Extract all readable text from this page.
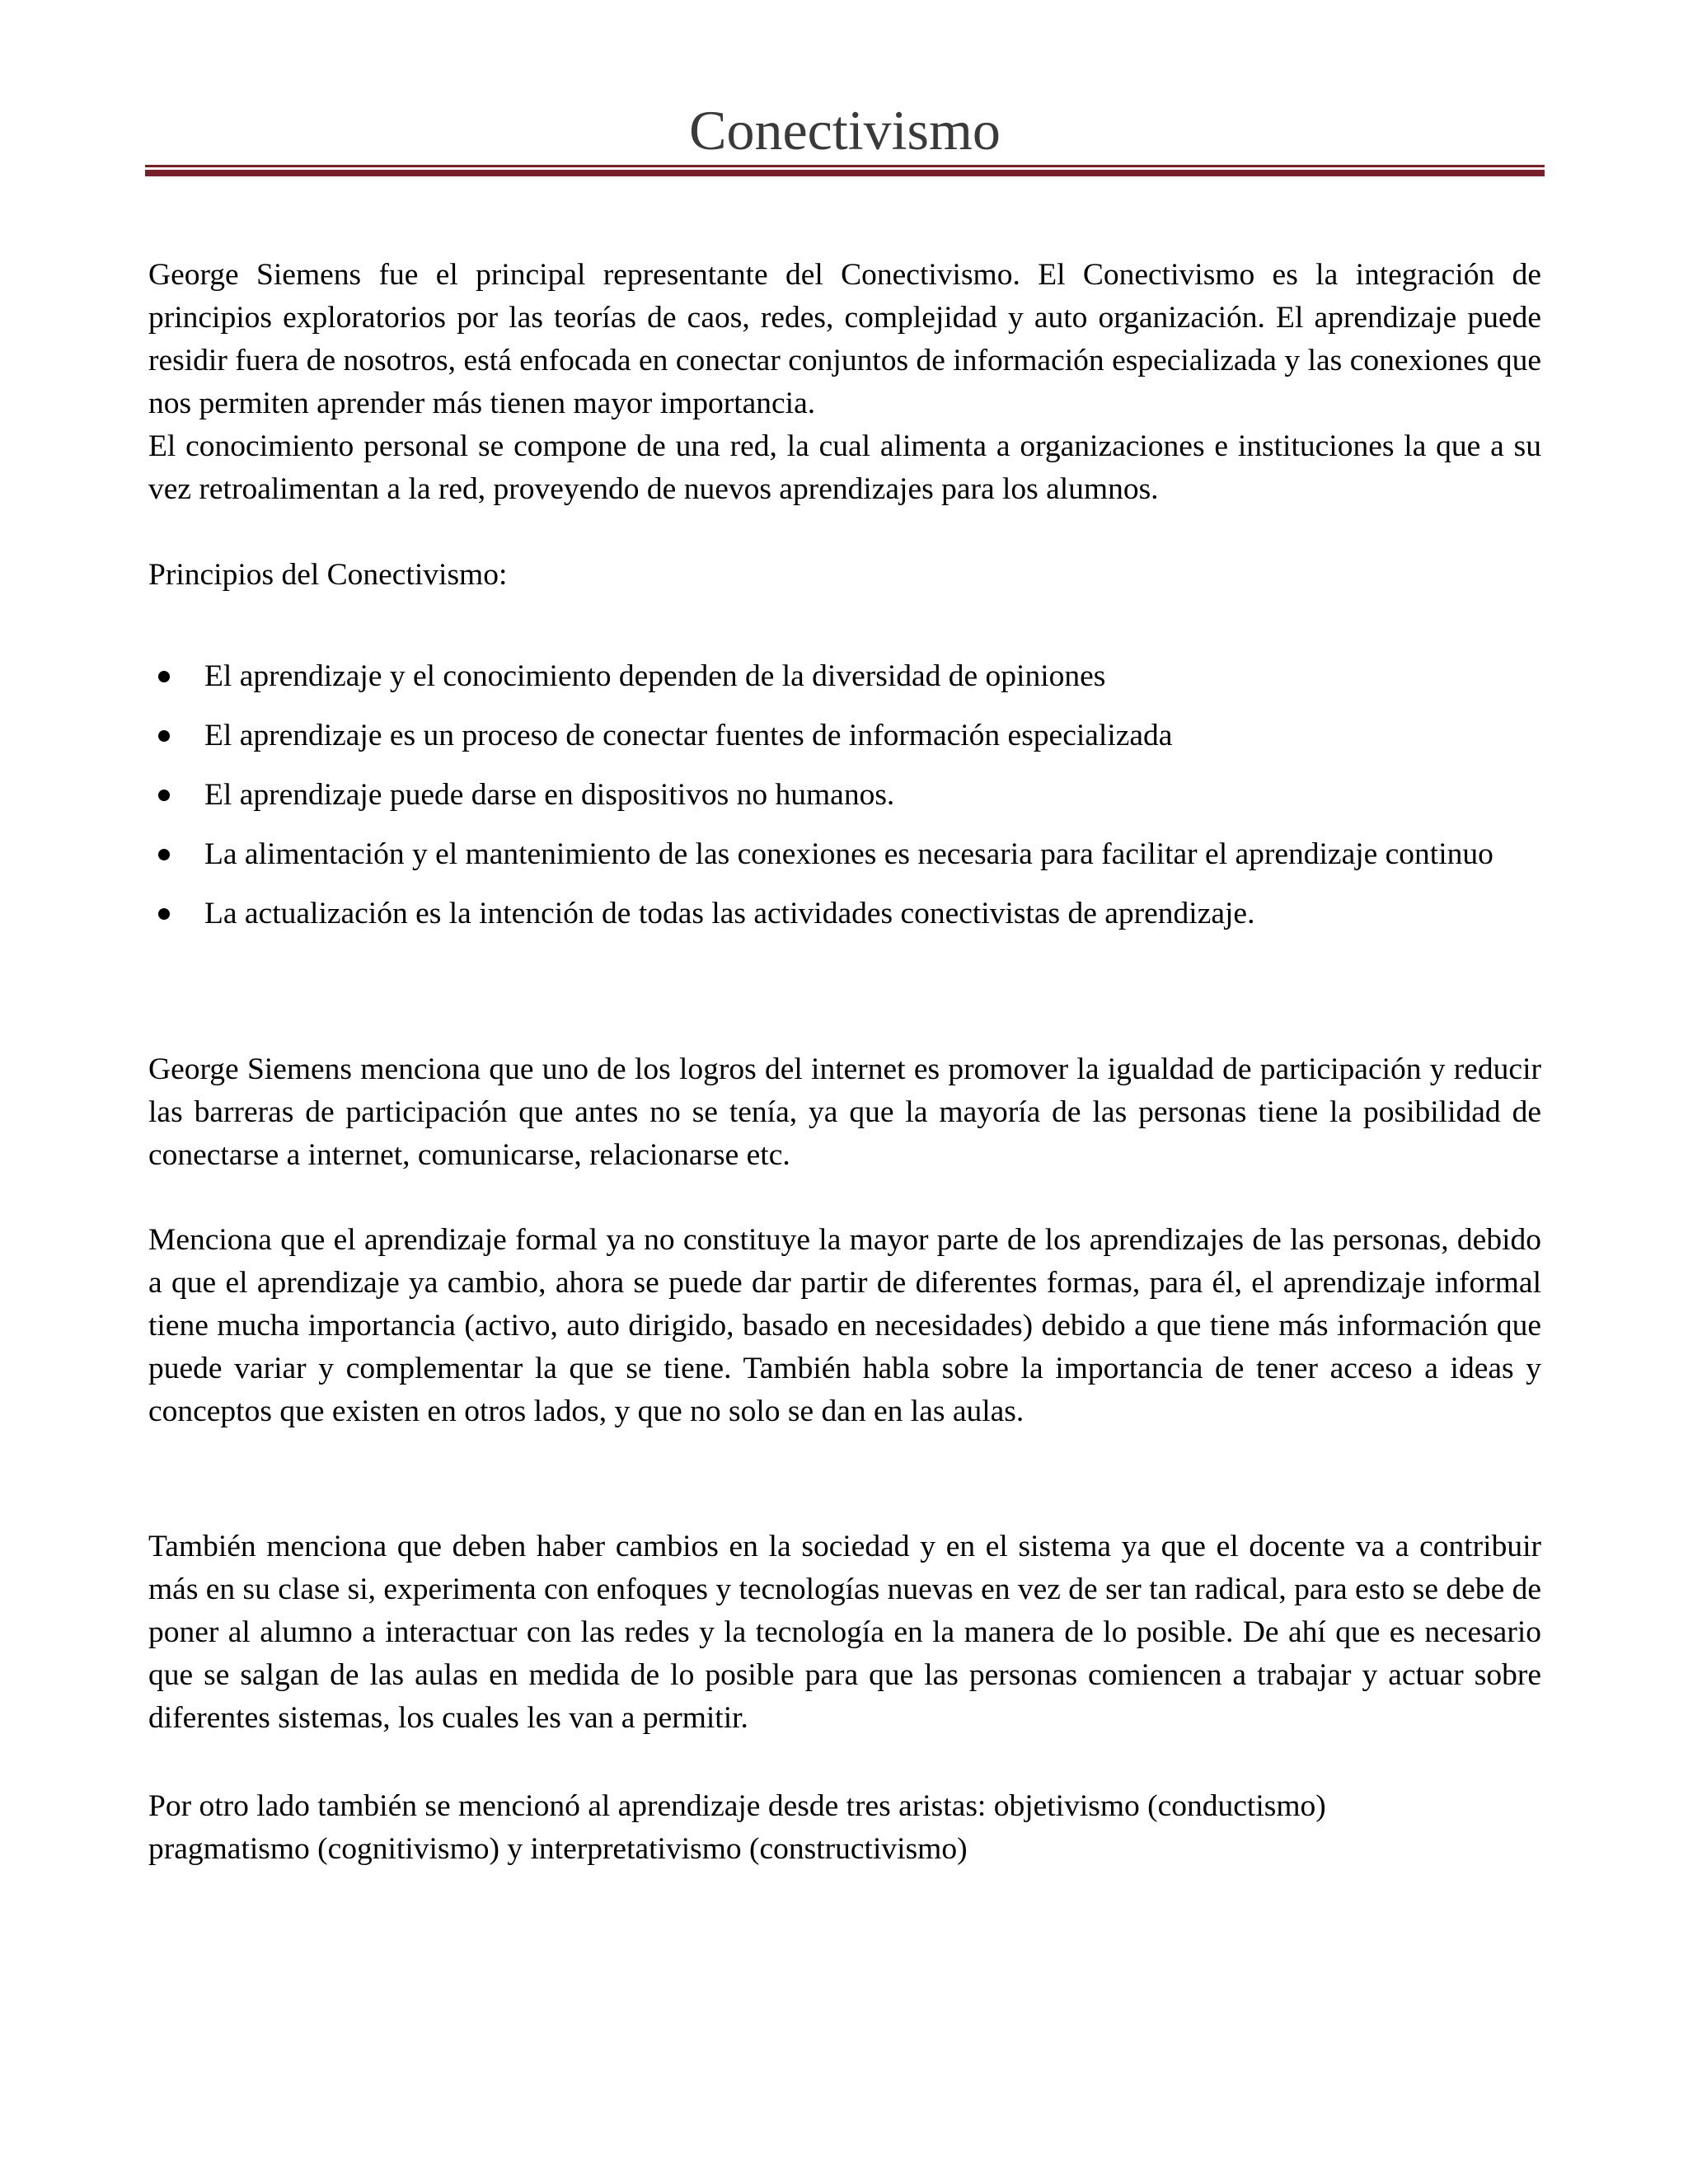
Conectivismo

George Siemens fue el principal representante del Conectivismo. El Conectivismo es la integración de principios exploratorios por las teorías de caos, redes, complejidad y auto organización. El aprendizaje puede residir fuera de nosotros, está enfocada en conectar conjuntos de información especializada y las conexiones que nos permiten aprender más tienen mayor importancia.
El conocimiento personal se compone de una red, la cual alimenta a organizaciones e instituciones la que a su vez retroalimentan a la red, proveyendo de nuevos aprendizajes para los alumnos.

Principios del Conectivismo:

El aprendizaje y el conocimiento dependen de la diversidad de opiniones
El aprendizaje es un proceso de conectar fuentes de información especializada
El aprendizaje puede darse en dispositivos no humanos.
La alimentación y el mantenimiento de las conexiones es necesaria para facilitar el aprendizaje continuo
La actualización es la intención de todas las actividades conectivistas de aprendizaje.

George Siemens menciona que uno de los logros del internet es promover la igualdad de participación y reducir las barreras de participación que antes no se tenía, ya que la mayoría de las personas tiene la posibilidad de conectarse a internet, comunicarse, relacionarse etc.

Menciona que el aprendizaje formal ya no constituye la mayor parte de los aprendizajes de las personas, debido a que el aprendizaje ya cambio, ahora se puede dar partir de diferentes formas, para él, el aprendizaje informal tiene mucha importancia (activo, auto dirigido, basado en necesidades) debido a que tiene más información que puede variar y complementar la que se tiene. También habla sobre la importancia de tener acceso a ideas y conceptos que existen en otros lados, y que no solo se dan en las aulas.

También menciona que deben haber cambios en la sociedad y en el sistema ya que el docente va a contribuir más en su clase si, experimenta con enfoques y tecnologías nuevas en vez de ser tan radical, para esto se debe de poner al alumno a interactuar con las redes y la tecnología en la manera de lo posible. De ahí que es necesario que se salgan de las aulas en medida de lo posible para que las personas comiencen a trabajar y actuar sobre diferentes sistemas, los cuales les van a permitir.

Por otro lado también se mencionó al aprendizaje desde tres aristas: objetivismo (conductismo)
pragmatismo (cognitivismo) y interpretativismo (constructivismo)
